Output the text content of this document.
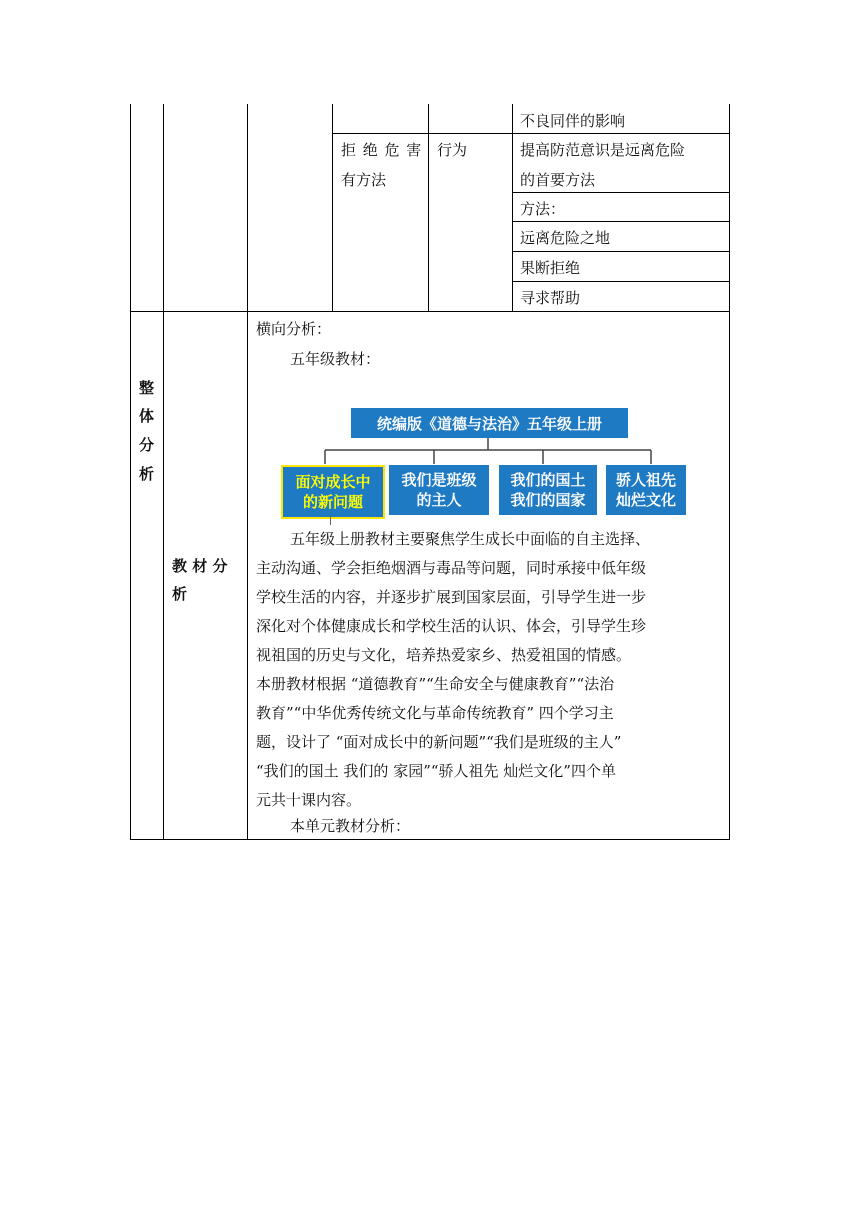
不良同伴的影响
拒 绝 危 害
有方法
行为	提高防范意识是远离危险
的首要方法
方法：
远离危险之地
果断拒绝
寻求帮助
整
体
分
析
教 材 分
析
横向分析：
五年级教材：
统编版《道德与法治》五年级上册
面对成长中
的新问题
我们是班级
的主人
我们的国土
我们的国家
骄人祖先
灿烂文化
五年级上册教材主要聚焦学生成长中面临的自主选择、
主动沟通、学会拒绝烟酒与毒品等问题，同时承接中低年级
学校生活的内容，并逐步扩展到国家层面，引导学生进一步
深化对个体健康成长和学校生活的认识、体会，引导学生珍
视祖国的历史与文化，培养热爱家乡、热爱祖国的情感。
本册教材根据 “道德教育”“生命安全与健康教育”“法治
教育”“中华优秀传统文化与革命传统教育” 四个学习主
题，设计了 “面对成长中的新问题”“我们是班级的主人”
“我们的国土 我们的 家园”“骄人祖先 灿烂文化”四个单
元共十课内容。
本单元教材分析：
